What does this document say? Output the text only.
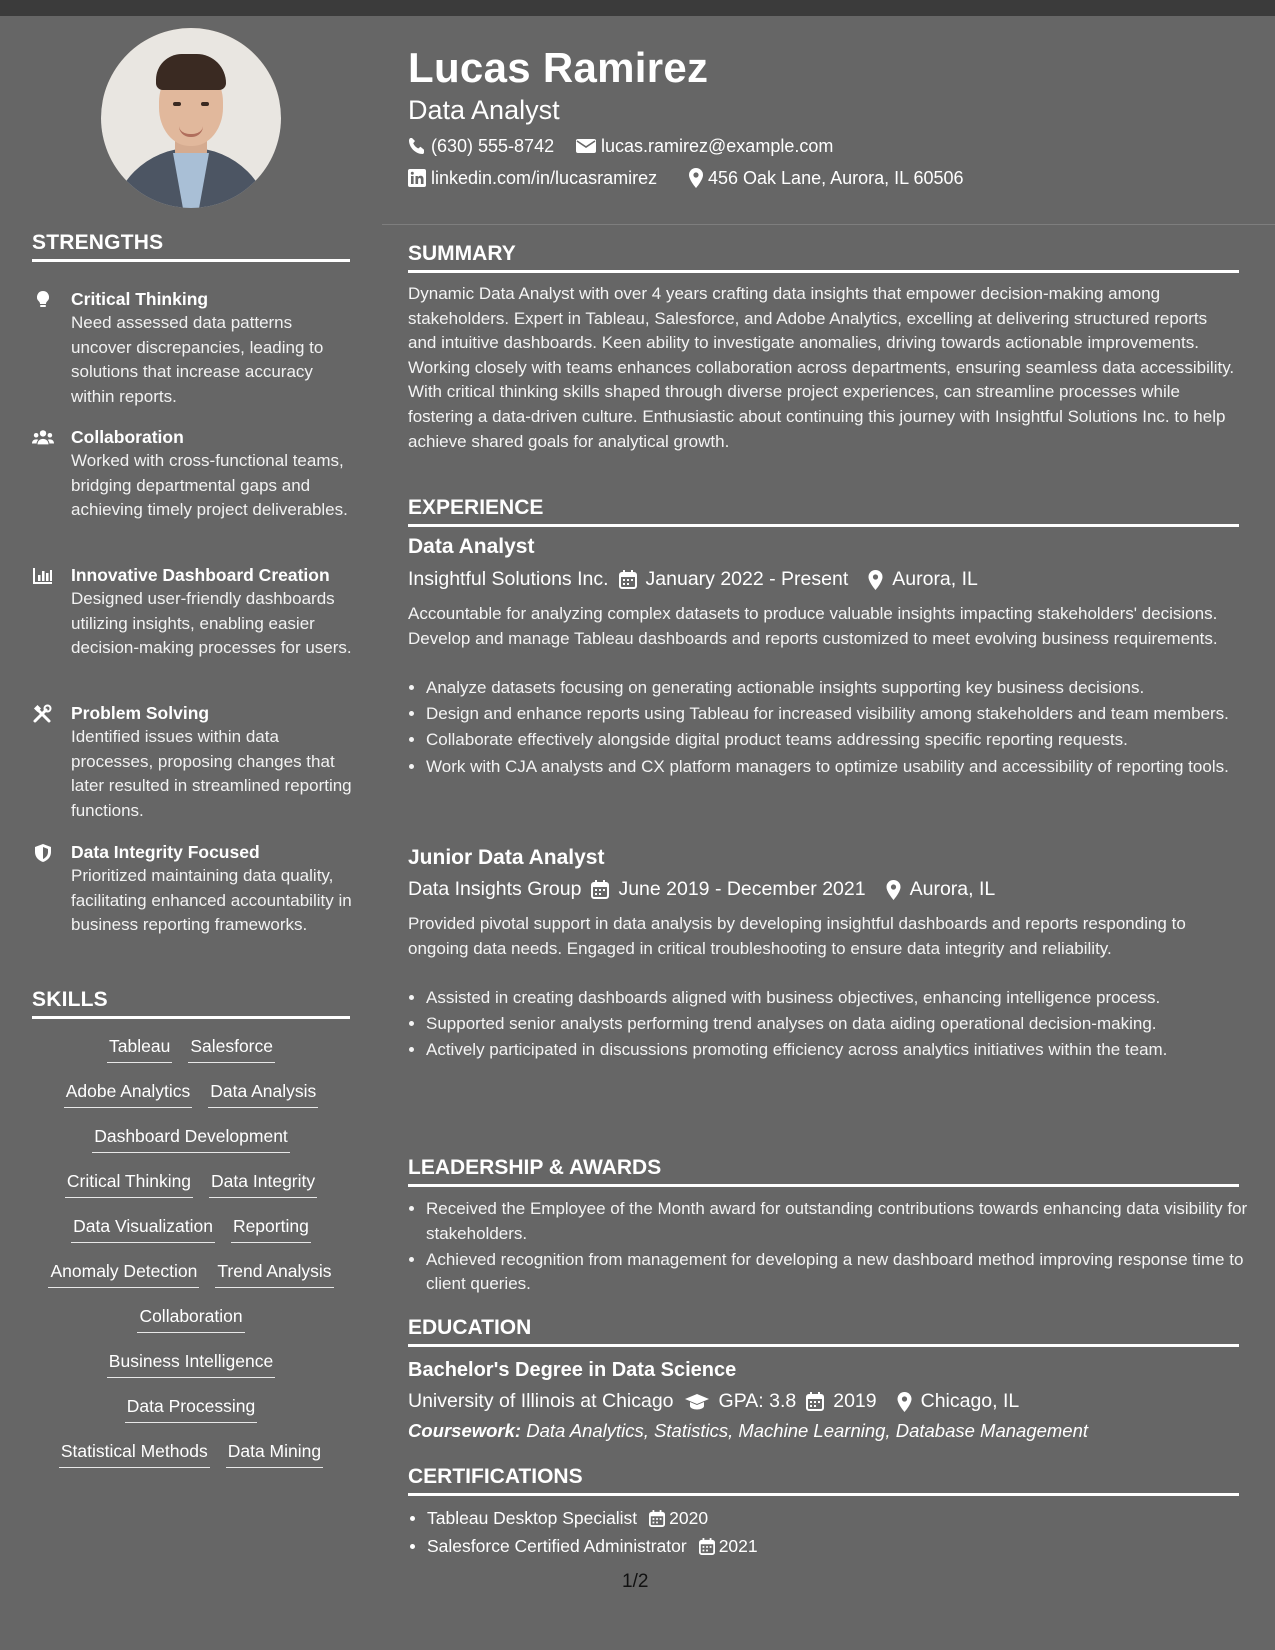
STRENGTHS
Critical Thinking
Need assessed data patterns uncover discrepancies, leading to solutions that increase accuracy within reports.
Collaboration
Worked with cross-functional teams, bridging departmental gaps and achieving timely project deliverables.
Innovative Dashboard Creation
Designed user-friendly dashboards utilizing insights, enabling easier decision-making processes for users.
Problem Solving
Identified issues within data processes, proposing changes that later resulted in streamlined reporting functions.
Data Integrity Focused
Prioritized maintaining data quality, facilitating enhanced accountability in business reporting frameworks.
SKILLS
Tableau Salesforce
Adobe Analytics Data Analysis
Dashboard Development
Critical Thinking Data Integrity
Data Visualization Reporting
Anomaly Detection Trend Analysis
Collaboration
Business Intelligence
Data Processing
Statistical Methods Data Mining
Lucas Ramirez
Data Analyst
(630) 555-8742	lucas.ramirez@example.com
linkedin.com/in/lucasramirez	456 Oak Lane, Aurora, IL 60506
SUMMARY
Dynamic Data Analyst with over 4 years crafting data insights that empower decision-making among stakeholders. Expert in Tableau, Salesforce, and Adobe Analytics, excelling at delivering structured reports and intuitive dashboards. Keen ability to investigate anomalies, driving towards actionable improvements. Working closely with teams enhances collaboration across departments, ensuring seamless data accessibility. With critical thinking skills shaped through diverse project experiences, can streamline processes while fostering a data-driven culture. Enthusiastic about continuing this journey with Insightful Solutions Inc. to help achieve shared goals for analytical growth.
EXPERIENCE
Data Analyst
Insightful Solutions Inc. January 2022 - Present Aurora, IL
Accountable for analyzing complex datasets to produce valuable insights impacting stakeholders' decisions. Develop and manage Tableau dashboards and reports customized to meet evolving business requirements.
• Analyze datasets focusing on generating actionable insights supporting key business decisions.
• Design and enhance reports using Tableau for increased visibility among stakeholders and team members.
• Collaborate effectively alongside digital product teams addressing specific reporting requests.
• Work with CJA analysts and CX platform managers to optimize usability and accessibility of reporting tools.
Junior Data Analyst
Data Insights Group June 2019 - December 2021 Aurora, IL
Provided pivotal support in data analysis by developing insightful dashboards and reports responding to ongoing data needs. Engaged in critical troubleshooting to ensure data integrity and reliability.
• Assisted in creating dashboards aligned with business objectives, enhancing intelligence process.
• Supported senior analysts performing trend analyses on data aiding operational decision-making.
• Actively participated in discussions promoting efficiency across analytics initiatives within the team.
LEADERSHIP & AWARDS
• Received the Employee of the Month award for outstanding contributions towards enhancing data visibility for stakeholders.
• Achieved recognition from management for developing a new dashboard method improving response time to client queries.
EDUCATION
Bachelor's Degree in Data Science
University of Illinois at Chicago GPA: 3.8 2019 Chicago, IL
Coursework: Data Analytics, Statistics, Machine Learning, Database Management
CERTIFICATIONS
Tableau Desktop Specialist 2020
Salesforce Certified Administrator 2021
1/2
